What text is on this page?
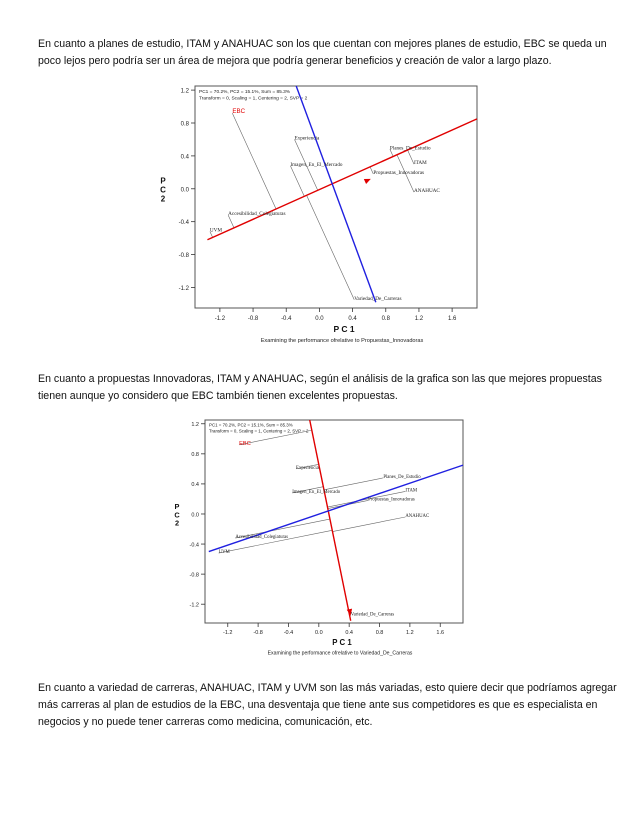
En cuanto a planes de estudio, ITAM y ANAHUAC son los que cuentan con mejores planes de estudio, EBC se queda un
poco lejos pero podría ser un área de mejora que podría generar beneficios y creación de valor a largo plazo.

1.2
0.8
0.4
0.0
-0.4
-0.8
-1.2
-1.2	-0.8	-0.4	0.0	0.4	0.8	1.2	1.6
P C 1
P
C
2
Examining the performance ofrelative to Propuestas_Innovadoras
PC1 = 70.2%, PC2 = 15.1%, Sum = 85.3%
Transform = 0, Scaling = 1, Centering = 2, SVP = 2
EBC
Experiencia
Planes_De_Estudio
Imagen_En_El_Mercado	ITAM
Propuestas_Innovadoras
ANAHUAC
Accesibilidad_Colegiaturas
UVM
Variedad_De_Carreras

En cuanto a propuestas Innovadoras, ITAM y ANAHUAC, según el análisis de la grafica son las que mejores propuestas
tienen aunque yo considero que EBC también tienen excelentes propuestas.

1.2
0.8
0.4
0.0
-0.4
-0.8
-1.2
-1.2	-0.8	-0.4	0.0	0.4	0.8	1.2	1.6
P C 1
P
C
2
Examining the performance ofrelative to Variedad_De_Carreras
PC1 = 70.2%, PC2 = 15.1%, Sum = 85.3%
Transform = 0, Scaling = 1, Centering = 2, SVP = 2
EBC
Experiencia
Planes_De_Estudio
Imagen_En_El_Mercado	ITAM
Propuestas_Innovadoras
ANAHUAC
Accesibilidad_Colegiaturas
UVM
Variedad_De_Carreras

En cuanto a variedad de carreras, ANAHUAC, ITAM y UVM son las más variadas, esto quiere decir que podríamos agregar
más carreras al plan de estudios de la EBC, una desventaja que tiene ante sus competidores es que es especialista en
negocios y no puede tener carreras como medicina, comunicación, etc.
